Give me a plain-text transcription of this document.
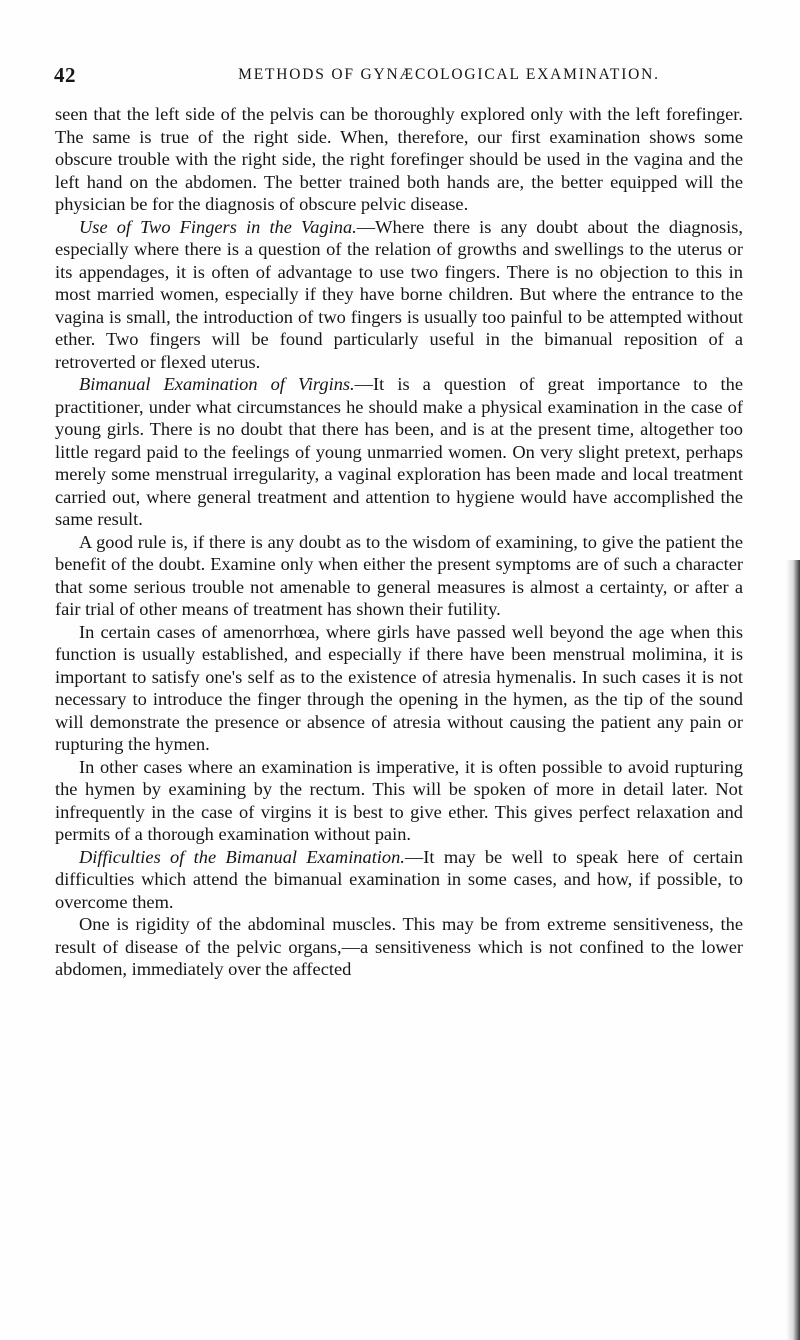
42	METHODS OF GYNÆCOLOGICAL EXAMINATION.

seen that the left side of the pelvis can be thoroughly explored only with the left forefinger. The same is true of the right side. When, therefore, our first examination shows some obscure trouble with the right side, the right forefinger should be used in the vagina and the left hand on the abdomen. The better trained both hands are, the better equipped will the physician be for the diagnosis of obscure pelvic disease.

Use of Two Fingers in the Vagina.—Where there is any doubt about the diagnosis, especially where there is a question of the relation of growths and swellings to the uterus or its appendages, it is often of advantage to use two fingers. There is no objection to this in most married women, especially if they have borne children. But where the entrance to the vagina is small, the introduction of two fingers is usually too painful to be attempted without ether. Two fingers will be found particularly useful in the bimanual reposition of a retroverted or flexed uterus.

Bimanual Examination of Virgins.—It is a question of great importance to the practitioner, under what circumstances he should make a physical examination in the case of young girls. There is no doubt that there has been, and is at the present time, altogether too little regard paid to the feelings of young unmarried women. On very slight pretext, perhaps merely some menstrual irregularity, a vaginal exploration has been made and local treatment carried out, where general treatment and attention to hygiene would have accomplished the same result.

A good rule is, if there is any doubt as to the wisdom of examining, to give the patient the benefit of the doubt. Examine only when either the present symptoms are of such a character that some serious trouble not amenable to general measures is almost a certainty, or after a fair trial of other means of treatment has shown their futility.

In certain cases of amenorrhœa, where girls have passed well beyond the age when this function is usually established, and especially if there have been menstrual molimina, it is important to satisfy one's self as to the existence of atresia hymenalis. In such cases it is not necessary to introduce the finger through the opening in the hymen, as the tip of the sound will demonstrate the presence or absence of atresia without causing the patient any pain or rupturing the hymen.

In other cases where an examination is imperative, it is often possible to avoid rupturing the hymen by examining by the rectum. This will be spoken of more in detail later. Not infrequently in the case of virgins it is best to give ether. This gives perfect relaxation and permits of a thorough examination without pain.

Difficulties of the Bimanual Examination.—It may be well to speak here of certain difficulties which attend the bimanual examination in some cases, and how, if possible, to overcome them.

One is rigidity of the abdominal muscles. This may be from extreme sensitiveness, the result of disease of the pelvic organs,—a sensitiveness which is not confined to the lower abdomen, immediately over the affected
